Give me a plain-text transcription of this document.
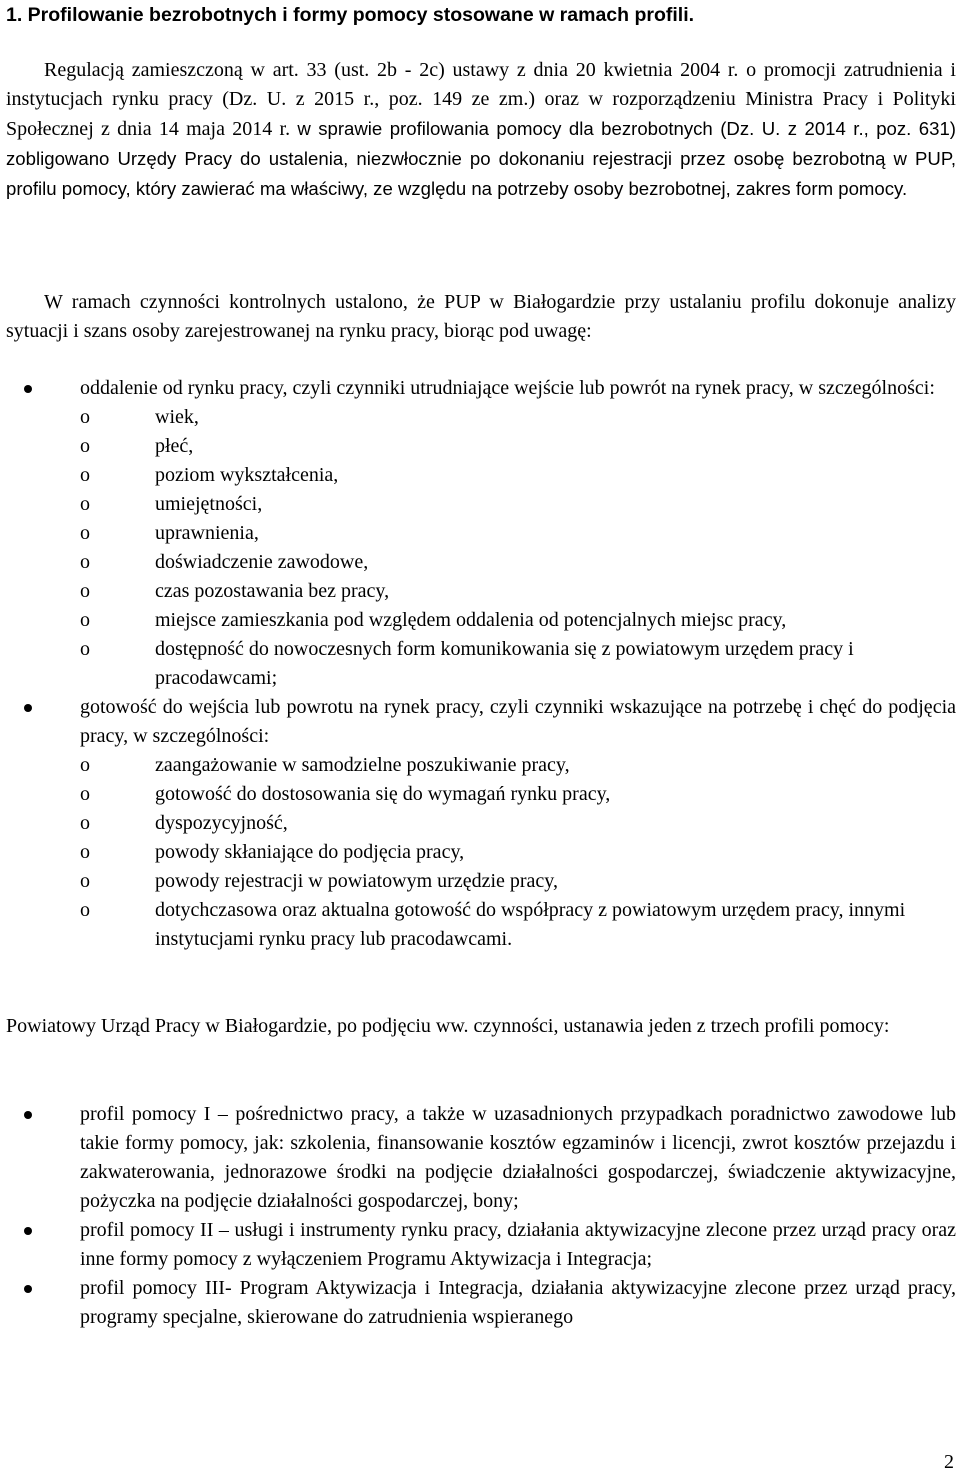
1. Profilowanie bezrobotnych i formy pomocy stosowane w ramach profili.
Regulacją zamieszczoną w art. 33 (ust. 2b - 2c) ustawy z dnia 20 kwietnia 2004 r. o promocji zatrudnienia i instytucjach rynku pracy (Dz. U. z 2015 r., poz. 149 ze zm.) oraz w rozporządzeniu Ministra Pracy i Polityki Społecznej z dnia 14 maja 2014 r. w sprawie profilowania pomocy dla bezrobotnych (Dz. U. z 2014 r., poz. 631) zobligowano Urzędy Pracy do ustalenia, niezwłocznie po dokonaniu rejestracji przez osobę bezrobotną w PUP, profilu pomocy, który zawierać ma właściwy, ze względu na potrzeby osoby bezrobotnej, zakres form pomocy.
W ramach czynności kontrolnych ustalono, że PUP w Białogardzie przy ustalaniu profilu dokonuje analizy sytuacji i szans osoby zarejestrowanej na rynku pracy, biorąc pod uwagę:
oddalenie od rynku pracy, czyli czynniki utrudniające wejście lub powrót na rynek pracy, w szczególności:
o	wiek,
o	płeć,
o	poziom wykształcenia,
o	umiejętności,
o	uprawnienia,
o	doświadczenie zawodowe,
o	czas pozostawania bez pracy,
o	miejsce zamieszkania pod względem oddalenia od potencjalnych miejsc pracy,
o	dostępność do nowoczesnych form komunikowania się z powiatowym urzędem pracy i pracodawcami;
gotowość do wejścia lub powrotu na rynek pracy, czyli czynniki wskazujące na potrzebę i chęć do podjęcia pracy, w szczególności:
o	zaangażowanie w samodzielne poszukiwanie pracy,
o	gotowość do dostosowania się do wymagań rynku pracy,
o	dyspozycyjność,
o	powody skłaniające do podjęcia pracy,
o	powody rejestracji w powiatowym urzędzie pracy,
o	dotychczasowa oraz aktualna gotowość do współpracy z powiatowym urzędem pracy, innymi instytucjami rynku pracy lub pracodawcami.
Powiatowy Urząd Pracy w Białogardzie, po podjęciu ww. czynności, ustanawia jeden z trzech profili pomocy:
profil pomocy I – pośrednictwo pracy, a także w uzasadnionych przypadkach poradnictwo zawodowe lub takie formy pomocy, jak: szkolenia, finansowanie kosztów egzaminów i licencji, zwrot kosztów przejazdu i zakwaterowania, jednorazowe środki na podjęcie działalności gospodarczej, świadczenie aktywizacyjne, pożyczka na podjęcie działalności gospodarczej, bony;
profil pomocy II – usługi i instrumenty rynku pracy, działania aktywizacyjne zlecone przez urząd pracy oraz inne formy pomocy z wyłączeniem Programu Aktywizacja i Integracja;
profil pomocy III- Program Aktywizacja i Integracja, działania aktywizacyjne zlecone przez urząd pracy, programy specjalne, skierowane do zatrudnienia wspieranego
2
